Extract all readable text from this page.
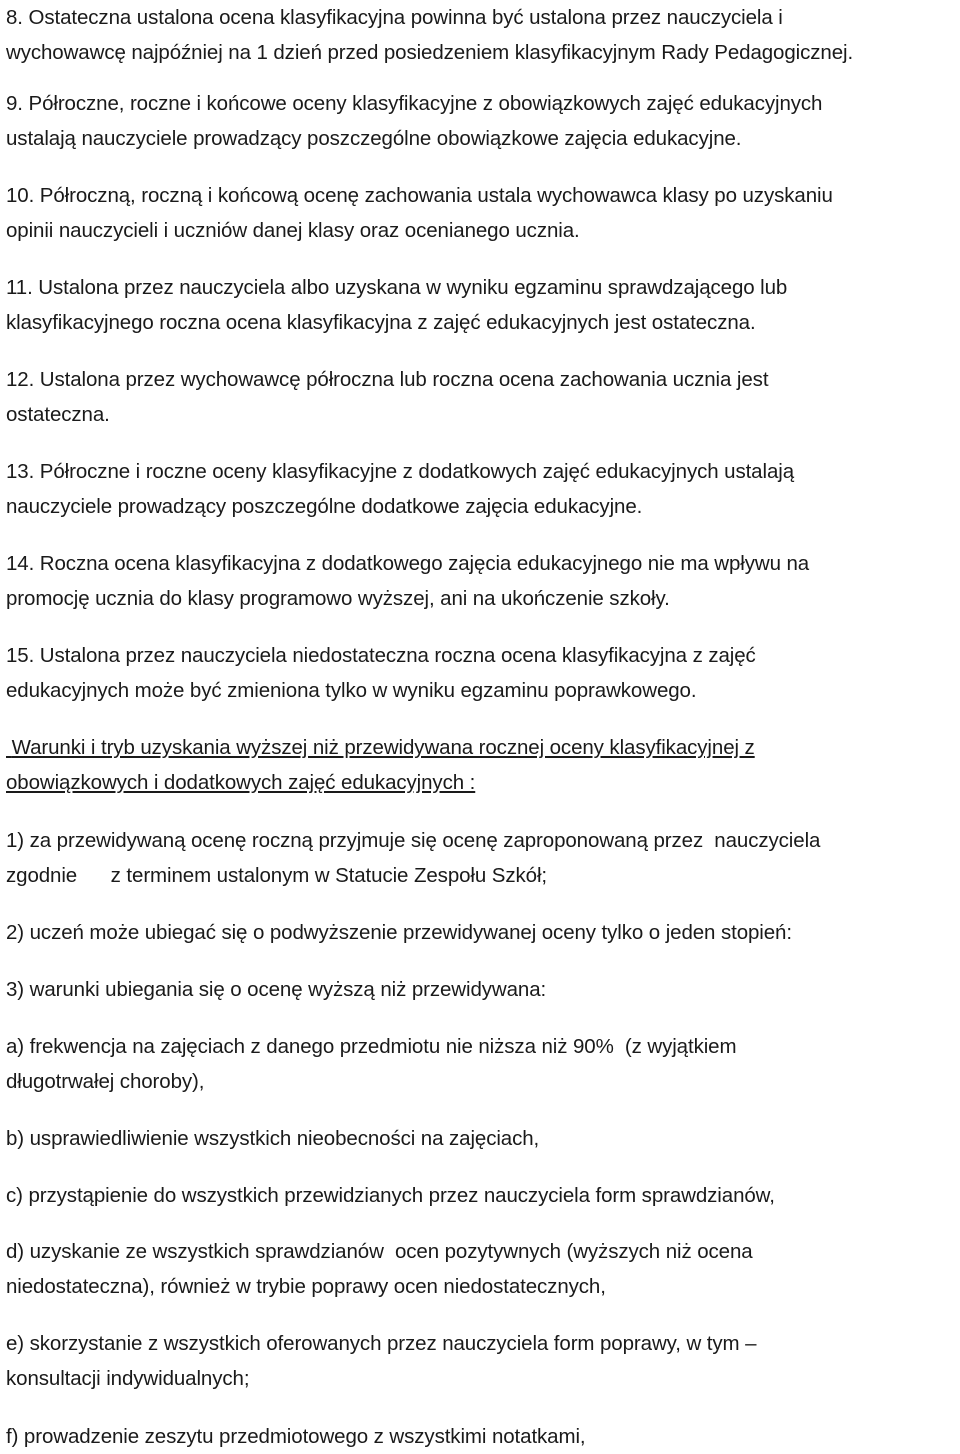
8. Ostateczna ustalona ocena klasyfikacyjna powinna być ustalona przez nauczyciela i
wychowawcę najpóźniej na 1 dzień przed posiedzeniem klasyfikacyjnym Rady Pedagogicznej.

9. Półroczne, roczne i końcowe oceny klasyfikacyjne z obowiązkowych zajęć edukacyjnych
ustalają nauczyciele prowadzący poszczególne obowiązkowe zajęcia edukacyjne.

10. Półroczną, roczną i końcową ocenę zachowania ustala wychowawca klasy po uzyskaniu
opinii nauczycieli i uczniów danej klasy oraz ocenianego ucznia.

11. Ustalona przez nauczyciela albo uzyskana w wyniku egzaminu sprawdzającego lub
klasyfikacyjnego roczna ocena klasyfikacyjna z zajęć edukacyjnych jest ostateczna.

12. Ustalona przez wychowawcę półroczna lub roczna ocena zachowania ucznia jest
ostateczna.

13. Półroczne i roczne oceny klasyfikacyjne z dodatkowych zajęć edukacyjnych ustalają
nauczyciele prowadzący poszczególne dodatkowe zajęcia edukacyjne.

14. Roczna ocena klasyfikacyjna z dodatkowego zajęcia edukacyjnego nie ma wpływu na
promocję ucznia do klasy programowo wyższej, ani na ukończenie szkoły.

15. Ustalona przez nauczyciela niedostateczna roczna ocena klasyfikacyjna z zajęć
edukacyjnych może być zmieniona tylko w wyniku egzaminu poprawkowego.

Warunki i tryb uzyskania wyższej niż przewidywana rocznej oceny klasyfikacyjnej z
obowiązkowych i dodatkowych zajęć edukacyjnych :

1) za przewidywaną ocenę roczną przyjmuje się ocenę zaproponowaną przez  nauczyciela
zgodnie      z terminem ustalonym w Statucie Zespołu Szkół;

2) uczeń może ubiegać się o podwyższenie przewidywanej oceny tylko o jeden stopień:

3) warunki ubiegania się o ocenę wyższą niż przewidywana:

a) frekwencja na zajęciach z danego przedmiotu nie niższa niż 90%  (z wyjątkiem
długotrwałej choroby),

b) usprawiedliwienie wszystkich nieobecności na zajęciach,

c) przystąpienie do wszystkich przewidzianych przez nauczyciela form sprawdzianów,

d) uzyskanie ze wszystkich sprawdzianów  ocen pozytywnych (wyższych niż ocena
niedostateczna), również w trybie poprawy ocen niedostatecznych,

e) skorzystanie z wszystkich oferowanych przez nauczyciela form poprawy, w tym –
konsultacji indywidualnych;

f) prowadzenie zeszytu przedmiotowego z wszystkimi notatkami,
